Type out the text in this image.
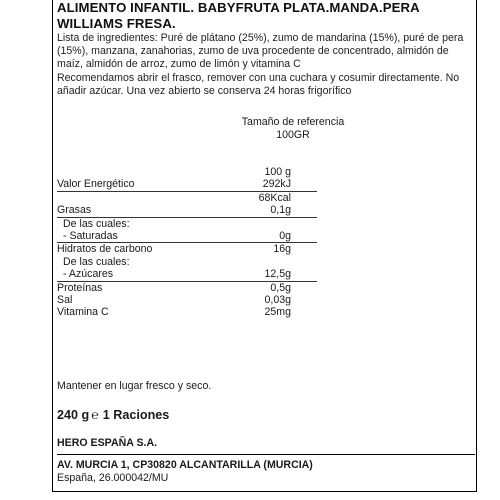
ALIMENTO INFANTIL. BABYFRUTA PLATA.MANDA.PERA
WILLIAMS FRESA.

Lista de ingredientes: Puré de plátano (25%), zumo de mandarina (15%), puré de pera (15%), manzana, zanahorias, zumo de uva procedente de concentrado, almidón de maíz, almidón de arroz, zumo de limón y vitamina C

Recomendamos abrir el frasco, remover con una cuchara y cosumir directamente. No añadir azúcar. Una vez abierto se conserva 24 horas frigorífico

Tamaño de referencia
100GR
100 g
Valor Energético	292kJ
68Kcal
Grasas	0,1g
De las cuales:
- Saturadas	0g
Hidratos de carbono	16g
De las cuales:
- Azúcares	12,5g
Proteínas	0,5g
Sal	0,03g
Vitamina C	25mg
Mantener en lugar fresco y seco.
240 g ℮ 1 Raciones
HERO ESPAÑA S.A.
AV. MURCIA 1, CP30820 ALCANTARILLA (MURCIA)
España, 26.000042/MU
